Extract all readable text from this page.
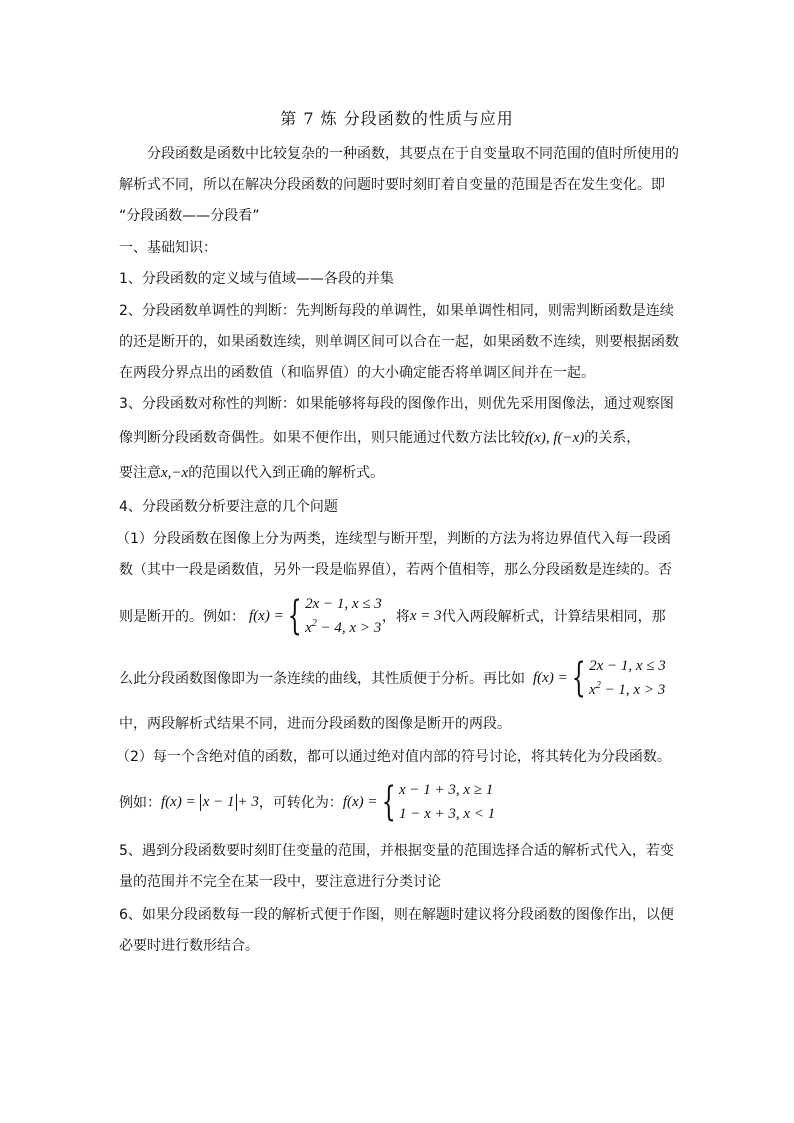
第 7 炼 分段函数的性质与应用
分段函数是函数中比较复杂的一种函数，其要点在于自变量取不同范围的值时所使用的
解析式不同，所以在解决分段函数的问题时要时刻盯着自变量的范围是否在发生变化。即
“分段函数——分段看”
一、基础知识：
1、分段函数的定义域与值域——各段的并集
2、分段函数单调性的判断：先判断每段的单调性，如果单调性相同，则需判断函数是连续
的还是断开的，如果函数连续，则单调区间可以合在一起，如果函数不连续，则要根据函数
在两段分界点出的函数值（和临界值）的大小确定能否将单调区间并在一起。
3、分段函数对称性的判断：如果能够将每段的图像作出，则优先采用图像法，通过观察图
像判断分段函数奇偶性。如果不便作出，则只能通过代数方法比较f(x), f(−x)的关系，
要注意x,−x的范围以代入到正确的解析式。
4、分段函数分析要注意的几个问题
（1）分段函数在图像上分为两类，连续型与断开型，判断的方法为将边界值代入每一段函
数（其中一段是函数值，另外一段是临界值），若两个值相等，那么分段函数是连续的。否
则是断开的。例如： f(x) = { 2x − 1, x ≤ 3
$x^2 - 4$, x > 3
，将 x = 3 代入两段解析式，计算结果相同，那
么此分段函数图像即为一条连续的曲线，其性质便于分析。再比如 f(x) = { 2x − 1, x ≤ 3
$x^2 - 1$, x > 3
中，两段解析式结果不同，进而分段函数的图像是断开的两段。
（2）每一个含绝对值的函数，都可以通过绝对值内部的符号讨论，将其转化为分段函数。
例如： f(x) = x − 1 + 3 ，可转化为： f(x) = { x − 1 + 3, x ≥ 1
1 − x + 3, x < 1
5、遇到分段函数要时刻盯住变量的范围，并根据变量的范围选择合适的解析式代入，若变
量的范围并不完全在某一段中，要注意进行分类讨论
6、如果分段函数每一段的解析式便于作图，则在解题时建议将分段函数的图像作出，以便
必要时进行数形结合。
